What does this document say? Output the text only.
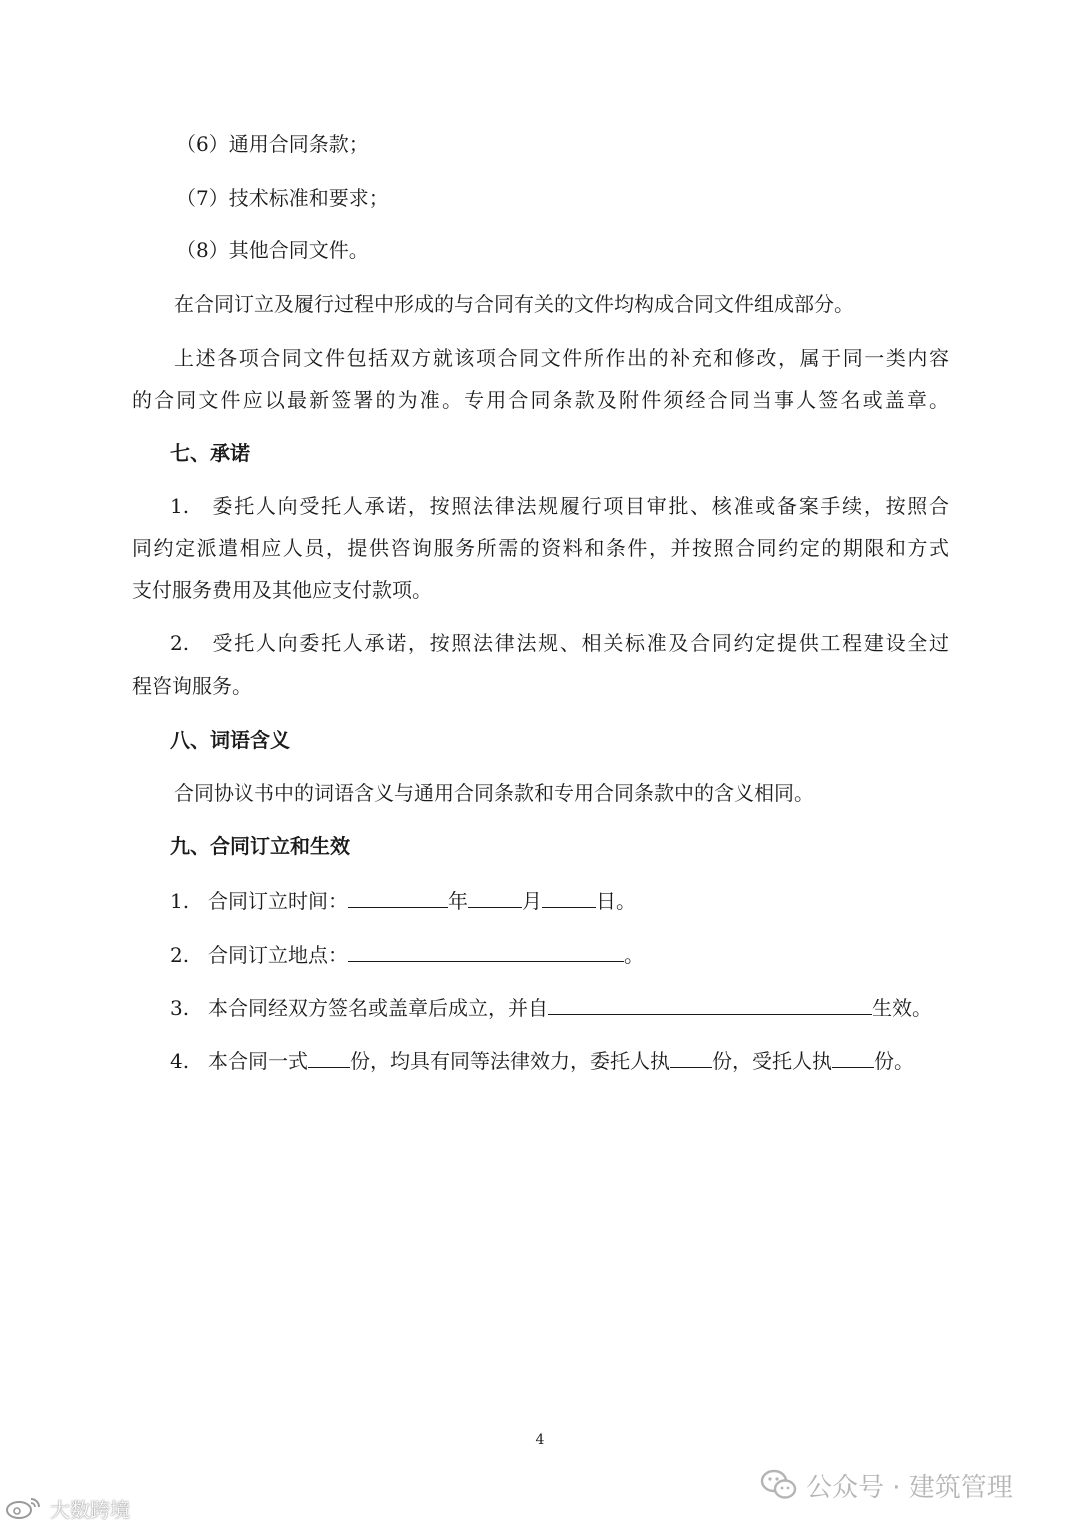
（6）通用合同条款；
（7）技术标准和要求；
（8）其他合同文件。
在合同订立及履行过程中形成的与合同有关的文件均构成合同文件组成部分。
上述各项合同文件包括双方就该项合同文件所作出的补充和修改，属于同一类内容
的合同文件应以最新签署的为准。专用合同条款及附件须经合同当事人签名或盖章。
七、承诺
1.　委托人向受托人承诺，按照法律法规履行项目审批、核准或备案手续，按照合
同约定派遣相应人员，提供咨询服务所需的资料和条件，并按照合同约定的期限和方式
支付服务费用及其他应支付款项。
2.　受托人向委托人承诺，按照法律法规、相关标准及合同约定提供工程建设全过
程咨询服务。
八、词语含义
合同协议书中的词语含义与通用合同条款和专用合同条款中的含义相同。
九、合同订立和生效
1. 合同订立时间：	年	月	日。
2. 合同订立地点：	。
3. 本合同经双方签名或盖章后成立，并自	生效。
4. 本合同一式 份，均具有同等法律效力，委托人执 份，受托人执 份。
4
公众号 · 建筑管理
大数跨境
